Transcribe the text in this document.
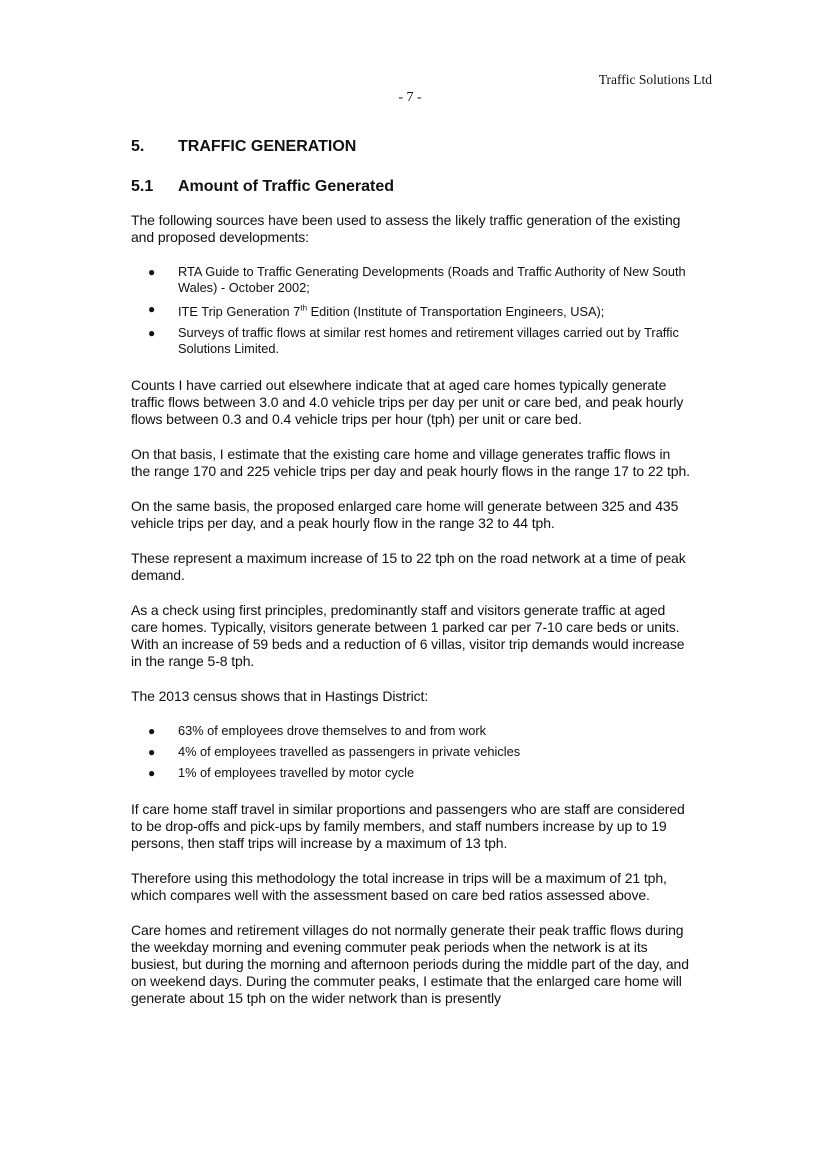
Traffic Solutions Ltd
- 7 -
5.	TRAFFIC GENERATION
5.1	Amount of Traffic Generated

The following sources have been used to assess the likely traffic generation of the existing and proposed developments:

● RTA Guide to Traffic Generating Developments (Roads and Traffic Authority of New South Wales) - October 2002;
● ITE Trip Generation 7th Edition (Institute of Transportation Engineers, USA);
● Surveys of traffic flows at similar rest homes and retirement villages carried out by Traffic Solutions Limited.

Counts I have carried out elsewhere indicate that at aged care homes typically generate traffic flows between 3.0 and 4.0 vehicle trips per day per unit or care bed, and peak hourly flows between 0.3 and 0.4 vehicle trips per hour (tph) per unit or care bed.

On that basis, I estimate that the existing care home and village generates traffic flows in the range 170 and 225 vehicle trips per day and peak hourly flows in the range 17 to 22 tph.

On the same basis, the proposed enlarged care home will generate between 325 and 435 vehicle trips per day, and a peak hourly flow in the range 32 to 44 tph.

These represent a maximum increase of 15 to 22 tph on the road network at a time of peak demand.

As a check using first principles, predominantly staff and visitors generate traffic at aged care homes. Typically, visitors generate between 1 parked car per 7-10 care beds or units. With an increase of 59 beds and a reduction of 6 villas, visitor trip demands would increase in the range 5-8 tph.

The 2013 census shows that in Hastings District:

● 63% of employees drove themselves to and from work
● 4% of employees travelled as passengers in private vehicles
● 1% of employees travelled by motor cycle

If care home staff travel in similar proportions and passengers who are staff are considered to be drop-offs and pick-ups by family members, and staff numbers increase by up to 19 persons, then staff trips will increase by a maximum of 13 tph.

Therefore using this methodology the total increase in trips will be a maximum of 21 tph, which compares well with the assessment based on care bed ratios assessed above.

Care homes and retirement villages do not normally generate their peak traffic flows during the weekday morning and evening commuter peak periods when the network is at its busiest, but during the morning and afternoon periods during the middle part of the day, and on weekend days. During the commuter peaks, I estimate that the enlarged care home will generate about 15 tph on the wider network than is presently
